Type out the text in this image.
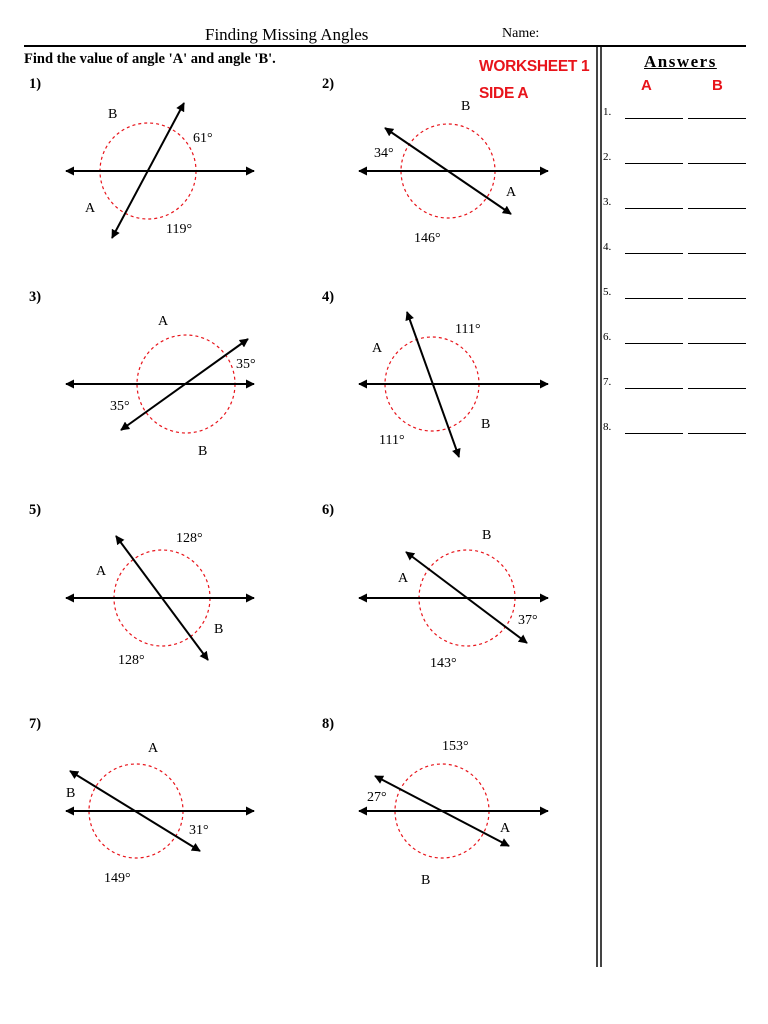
Finding Missing Angles	Name:
Find the value of angle 'A' and angle 'B'.	WORKSHEET 1
SIDE A
Answers
A	B
1.
2.
3.
4.
5.
6.
7.
8.
1)	2)
3)	4)
5)	6)
7)	8)
B
61°
A
119°
B
34°
A
146°
A
35°
35°
B
111°
A
B
111°
128°
A
B
128°
B
A
37°
143°
A
B
31°
149°
153°
27°
A
B
